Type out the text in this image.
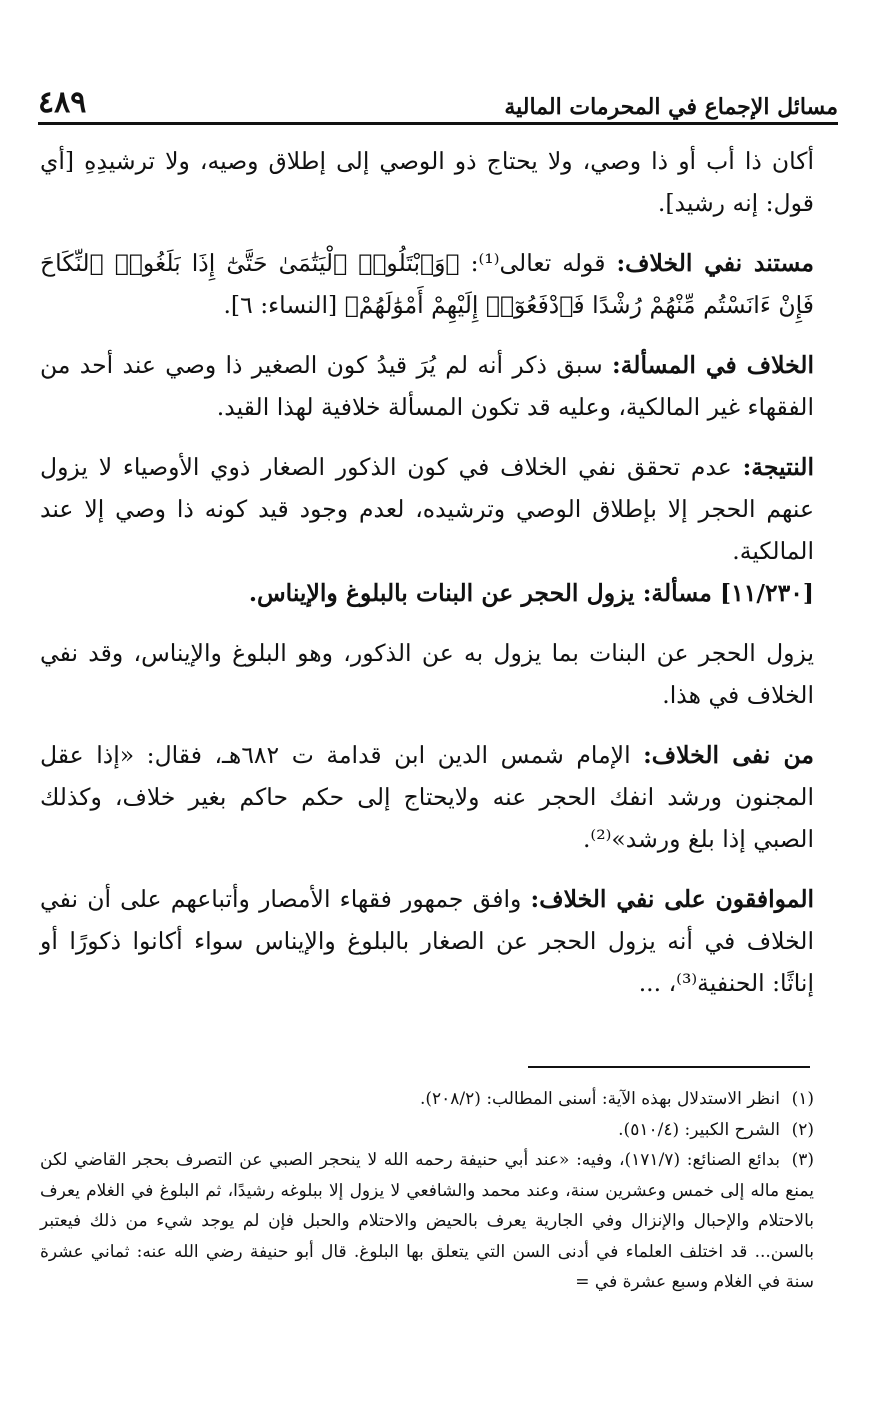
٤٨٩	مسائل الإجماع في المحرمات المالية

أكان ذا أب أو ذا وصي، ولا يحتاج ذو الوصي إلى إطلاق وصيه، ولا ترشيدِهِ [أي قول: إنه رشيد].

مستند نفي الخلاف: قوله تعالى⁽¹⁾: ﴿وَٱبْتَلُوا۟ ٱلْيَتَٰمَىٰ حَتَّىٰٓ إِذَا بَلَغُوا۟ ٱلنِّكَاحَ فَإِنْ ءَانَسْتُم مِّنْهُمْ رُشْدًا فَٱدْفَعُوٓا۟ إِلَيْهِمْ أَمْوَٰلَهُمْ﴾ [النساء: ٦].

الخلاف في المسألة: سبق ذكر أنه لم يُرَ قيدُ كون الصغير ذا وصي عند أحد من الفقهاء غير المالكية، وعليه قد تكون المسألة خلافية لهذا القيد.

النتيجة: عدم تحقق نفي الخلاف في كون الذكور الصغار ذوي الأوصياء لا يزول عنهم الحجر إلا بإطلاق الوصي وترشيده، لعدم وجود قيد كونه ذا وصي إلا عند المالكية.

[١١/٢٣٠] مسألة: يزول الحجر عن البنات بالبلوغ والإيناس.

يزول الحجر عن البنات بما يزول به عن الذكور، وهو البلوغ والإيناس، وقد نفي الخلاف في هذا.

من نفى الخلاف: الإمام شمس الدين ابن قدامة ت ٦٨٢هـ، فقال: «إذا عقل المجنون ورشد انفك الحجر عنه ولايحتاج إلى حكم حاكم بغير خلاف، وكذلك الصبي إذا بلغ ورشد»⁽²⁾.

الموافقون على نفي الخلاف: وافق جمهور فقهاء الأمصار وأتباعهم على أن نفي الخلاف في أنه يزول الحجر عن الصغار بالبلوغ والإيناس سواء أكانوا ذكورًا أو إناثًا: الحنفية⁽³⁾، ...

(١)انظر الاستدلال بهذه الآية: أسنى المطالب: (٢٠٨/٢).

(٢)الشرح الكبير: (٥١٠/٤).

(٣)بدائع الصنائع: (١٧١/٧)، وفيه: «عند أبي حنيفة رحمه الله لا ينحجر الصبي عن التصرف بحجر القاضي لكن يمنع ماله إلى خمس وعشرين سنة، وعند محمد والشافعي لا يزول إلا ببلوغه رشيدًا، ثم البلوغ في الغلام يعرف بالاحتلام والإحبال والإنزال وفي الجارية يعرف بالحيض والاحتلام والحبل فإن لم يوجد شيء من ذلك فيعتبر بالسن... قد اختلف العلماء في أدنى السن التي يتعلق بها البلوغ. قال أبو حنيفة رضي الله عنه: ثماني عشرة سنة في الغلام وسبع عشرة في =
